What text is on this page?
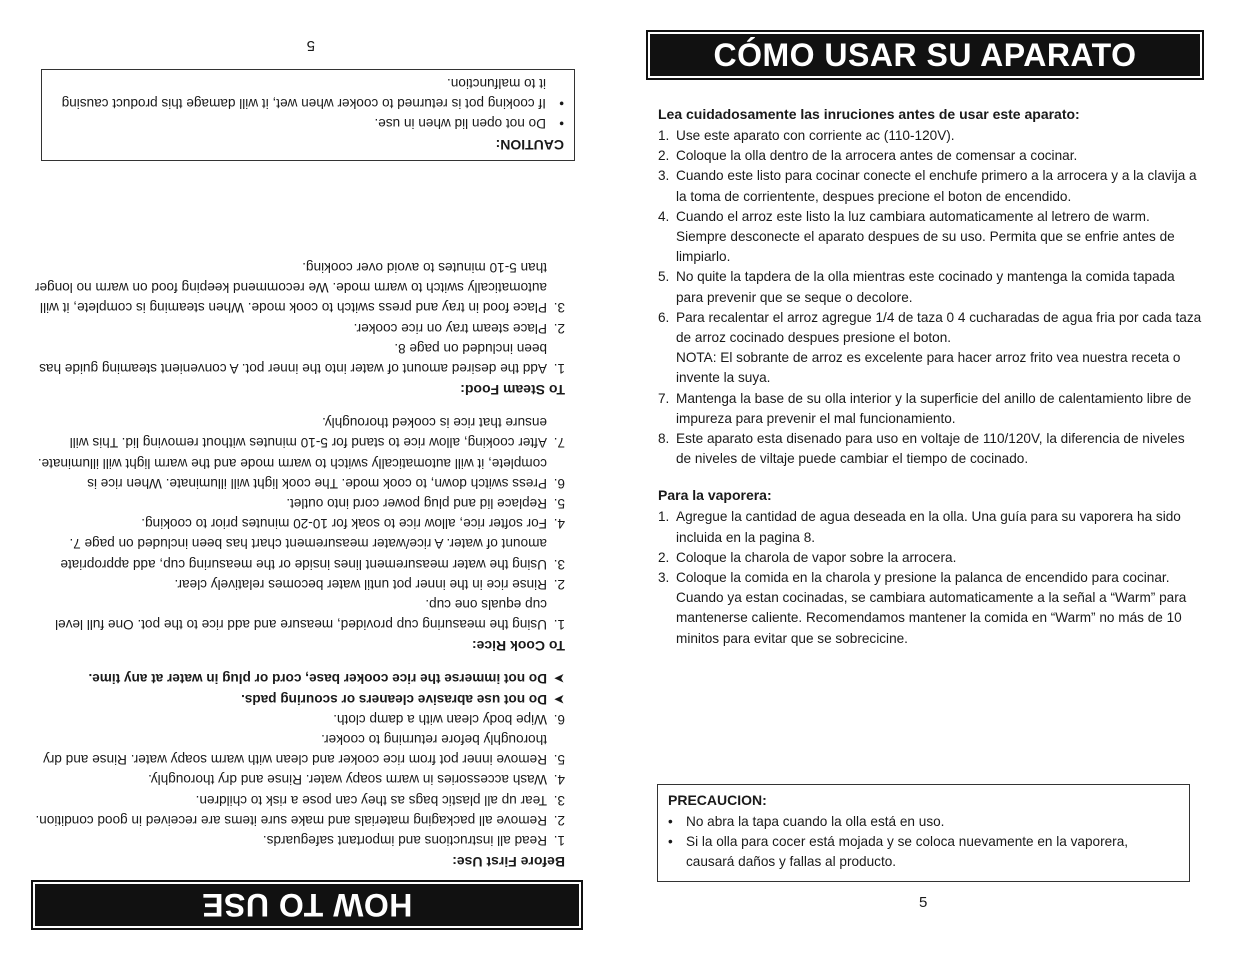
HOW TO USE
Before First Use:
1.
Read all instructions and important safeguards.
2.
Remove all packaging materials and make sure items are received in good condition.
3.
Tear up all plastic bags as they can pose a risk to children.
4.
Wash accessories in warm soapy water. Rinse and dry thoroughly.
5.
Remove inner pot from rice cooker and clean with warm soapy water. Rinse and dry thoroughly before returning to cooker.
6.
Wipe body clean with a damp cloth.
➤
Do not use abrasive cleaners or scouring pads.
➤
Do not immerse the rice cooker base, cord or plug in water at any time.
To Cook Rice:
1.
Using the measuring cup provided, measure and add rice to the pot. One full level cup equals one cup.
2.
Rinse rice in the inner pot until water becomes relatively clear.
3.
Using the water measurement lines inside or the measuring cup, add appropriate amount of water. A rice/water measurement chart has been included on page 7.
4.
For softer rice, allow rice to soak for 10-20 minutes prior to cooking.
5.
Replace lid and plug power cord into outlet.
6.
Press switch down, to cook mode. The cook light will illuminate. When rice is complete, it will automatically switch to warm mode and the warm light will illuminate.
7.
After cooking, allow rice to stand for 5-10 minutes without removing lid. This will ensure that rice is cooked thoroughly.
To Steam Food:
1.
Add the desired amount of water into the inner pot. A convenient steaming guide has been included on page 8.
2.
Place steam tray on rice cooker.
3.
Place food in tray and press switch to cook mode. When steaming is complete, it will automatically switch to warm mode. We recommend keeping food on warm no longer than 5-10 minutes to avoid over cooking.
CAUTION:
•
Do not open lid when in use.
•
If cooking pot is returned to cooker when wet, it will damage this product causing it to malfunction.
5	CÓMO USAR SU APARATO
Lea cuidadosamente las inruciones antes de usar este aparato:
1. Use este aparato con corriente ac (110-120V).
2. Coloque la olla dentro de la arrocera antes de comensar a cocinar.
3. Cuando este listo para cocinar conecte el enchufe primero a la arrocera y a la clavija a la toma de corrientente, despues precione el boton de encendido.
4. Cuando el arroz este listo la luz cambiara automaticamente al letrero de warm. Siempre desconecte el aparato despues de su uso. Permita que se enfrie antes de limpiarlo.
5. No quite la tapdera de la olla mientras este cocinado y mantenga la comida tapada para prevenir que se seque o decolore.
6. Para recalentar el arroz agregue 1/4 de taza 0 4 cucharadas de agua fria por cada taza de arroz cocinado despues presione el boton.
NOTA: El sobrante de arroz es excelente para hacer arroz frito vea nuestra receta o invente la suya.
7. Mantenga la base de su olla interior y la superficie del anillo de calentamiento libre de impureza para prevenir el mal funcionamiento.
8. Este aparato esta disenado para uso en voltaje de 110/120V, la diferencia de niveles de niveles de viltaje puede cambiar el tiempo de cocinado.
Para la vaporera:
1. Agregue la cantidad de agua deseada en la olla. Una guía para su vaporera ha sido incluida en la pagina 8.
2. Coloque la charola de vapor sobre la arrocera.
3. Coloque la comida en la charola y presione la palanca de encendido para cocinar. Cuando ya estan cocinadas, se cambiara automaticamente a la señal a “Warm” para mantenerse caliente. Recomendamos mantener la comida en “Warm” no más de 10 minitos para evitar que se sobrecicine.
PRECAUCION:
• No abra la tapa cuando la olla está en uso.
• Si la olla para cocer está mojada y se coloca nuevamente en la vaporera, causará daños y fallas al producto.
5
